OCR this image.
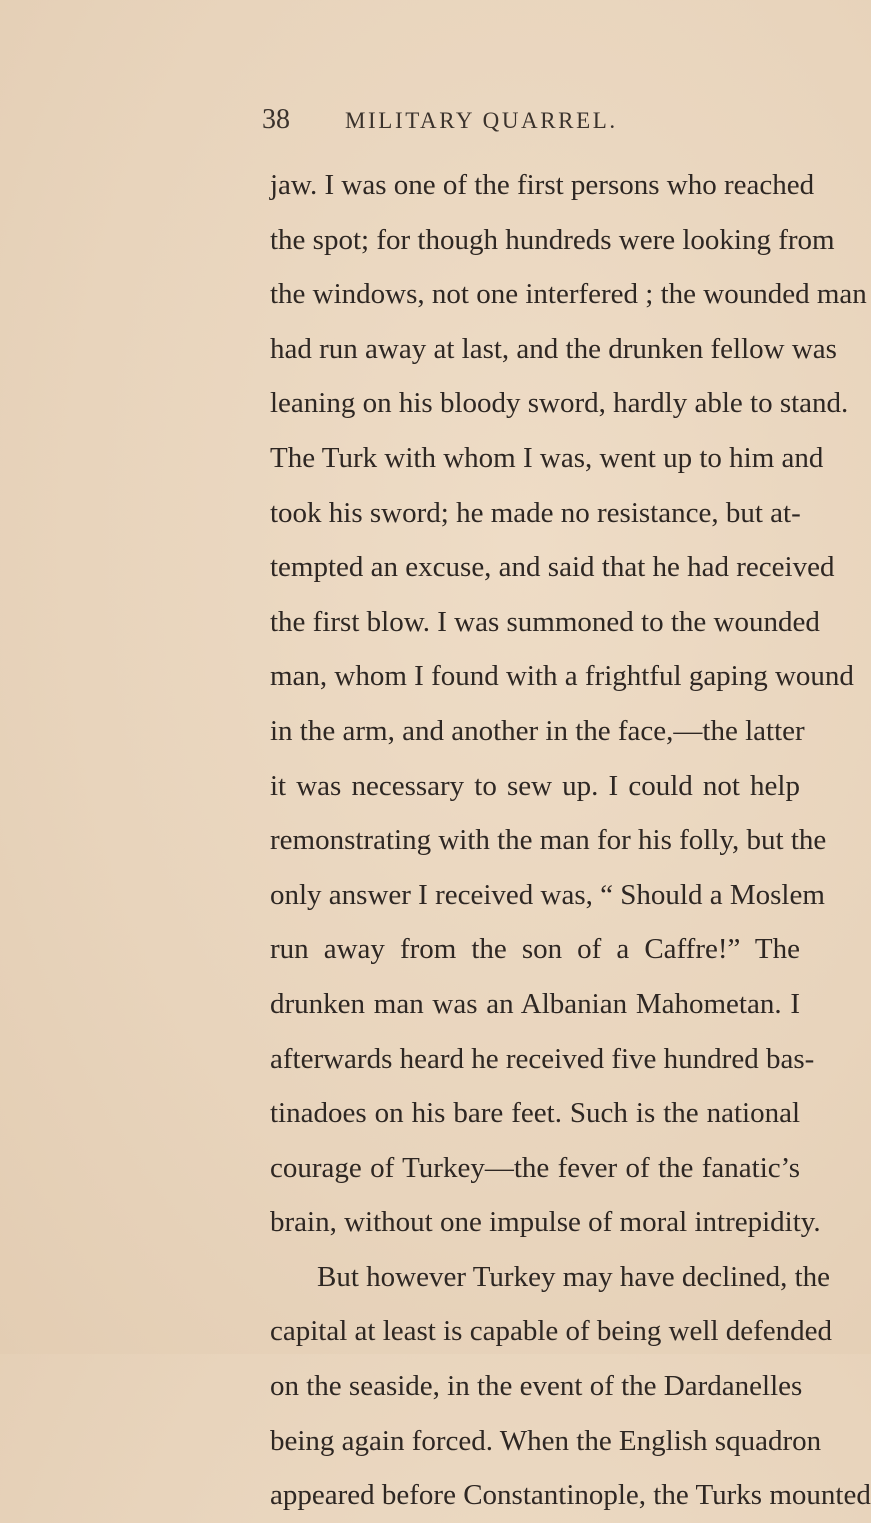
38 MILITARY QUARREL.
jaw. I was one of the first persons who reached
the spot; for though hundreds were looking from
the windows, not one interfered ; the wounded man
had run away at last, and the drunken fellow was
leaning on his bloody sword, hardly able to stand.
The Turk with whom I was, went up to him and
took his sword; he made no resistance, but at-
tempted an excuse, and said that he had received
the first blow. I was summoned to the wounded
man, whom I found with a frightful gaping wound
in the arm, and another in the face,—the latter
it was necessary to sew up. I could not help
remonstrating with the man for his folly, but the
only answer I received was, “ Should a Moslem
run away from the son of a Caffre!” The
drunken man was an Albanian Mahometan. I
afterwards heard he received five hundred bas-
tinadoes on his bare feet. Such is the national
courage of Turkey—the fever of the fanatic’s
brain, without one impulse of moral intrepidity.
But however Turkey may have declined, the
capital at least is capable of being well defended
on the seaside, in the event of the Dardanelles
being again forced. When the English squadron
appeared before Constantinople, the Turks mounted
